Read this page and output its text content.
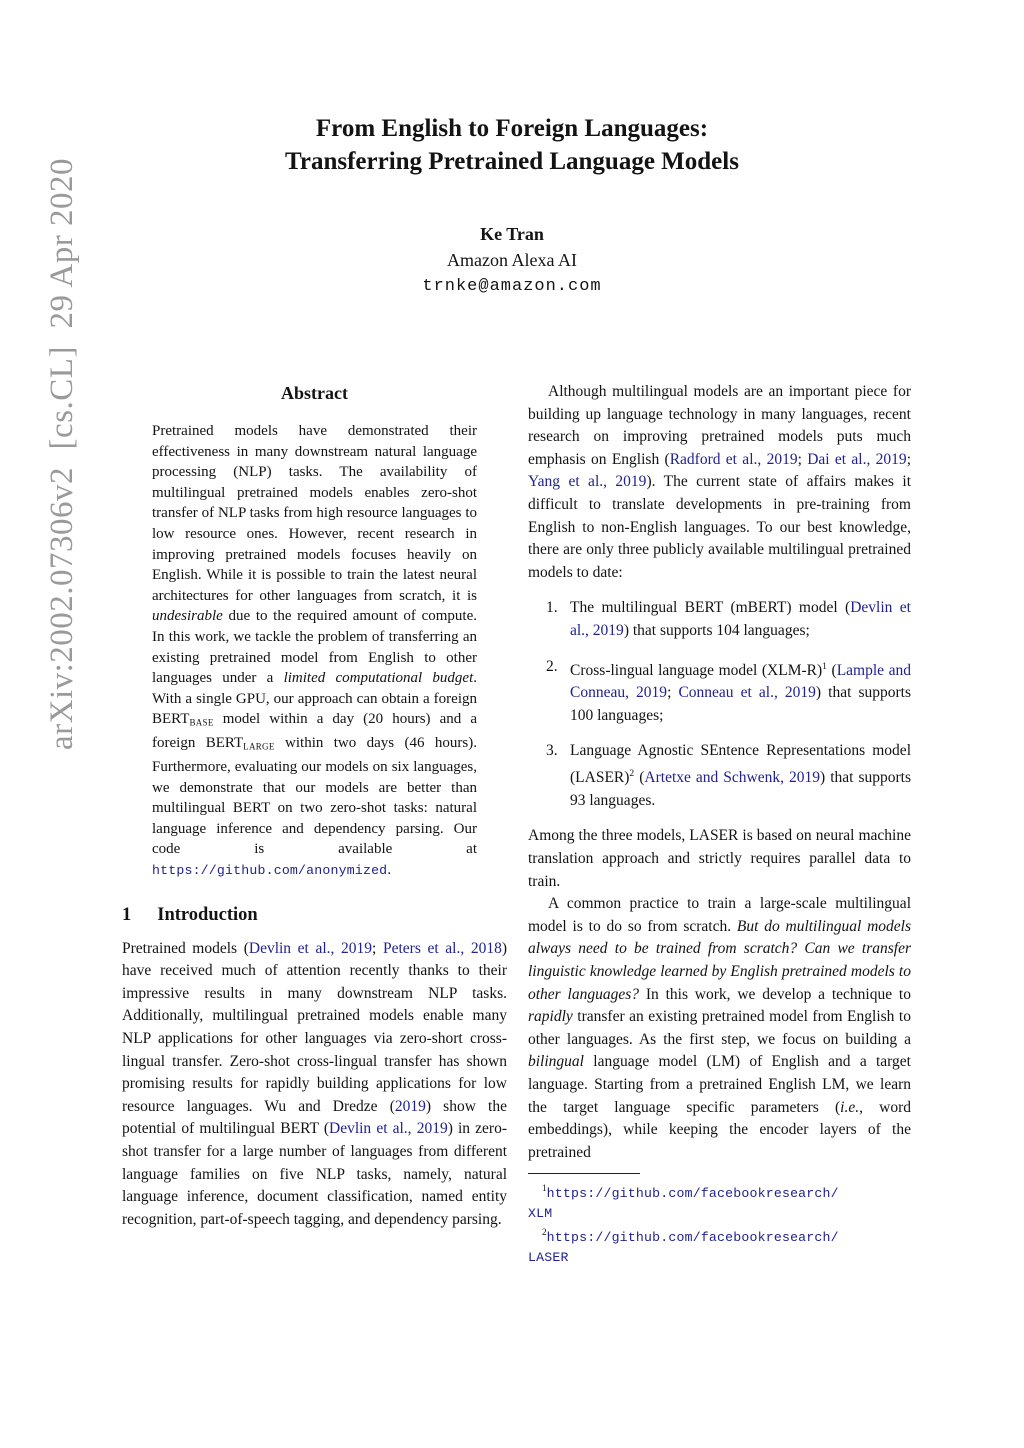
arXiv:2002.07306v2  [cs.CL]  29 Apr 2020
From English to Foreign Languages:
Transferring Pretrained Language Models
Ke Tran
Amazon Alexa AI
trnke@amazon.com
Abstract
Pretrained models have demonstrated their effectiveness in many downstream natural language processing (NLP) tasks. The availability of multilingual pretrained models enables zero-shot transfer of NLP tasks from high resource languages to low resource ones. However, recent research in improving pretrained models focuses heavily on English. While it is possible to train the latest neural architectures for other languages from scratch, it is undesirable due to the required amount of compute. In this work, we tackle the problem of transferring an existing pretrained model from English to other languages under a limited computational budget. With a single GPU, our approach can obtain a foreign BERTBASE model within a day (20 hours) and a foreign BERTLARGE within two days (46 hours). Furthermore, evaluating our models on six languages, we demonstrate that our models are better than multilingual BERT on two zero-shot tasks: natural language inference and dependency parsing. Our code is available at https://github.com/anonymized.
1 Introduction
Pretrained models (Devlin et al., 2019; Peters et al., 2018) have received much of attention recently thanks to their impressive results in many downstream NLP tasks. Additionally, multilingual pretrained models enable many NLP applications for other languages via zero-short cross-lingual transfer. Zero-shot cross-lingual transfer has shown promising results for rapidly building applications for low resource languages. Wu and Dredze (2019) show the potential of multilingual BERT (Devlin et al., 2019) in zero-shot transfer for a large number of languages from different language families on five NLP tasks, namely, natural language inference, document classification, named entity recognition, part-of-speech tagging, and dependency parsing.
Although multilingual models are an important piece for building up language technology in many languages, recent research on improving pretrained models puts much emphasis on English (Radford et al., 2019; Dai et al., 2019; Yang et al., 2019). The current state of affairs makes it difficult to translate developments in pre-training from English to non-English languages. To our best knowledge, there are only three publicly available multilingual pretrained models to date:
1. The multilingual BERT (mBERT) model (Devlin et al., 2019) that supports 104 languages;
2. Cross-lingual language model $(XLM-R)^1$ (Lample and Conneau, 2019; Conneau et al., 2019) that supports 100 languages;
3. Language Agnostic SEntence Representations model (LASER)$^2$ (Artetxe and Schwenk, 2019) that supports 93 languages.
Among the three models, LASER is based on neural machine translation approach and strictly requires parallel data to train.
A common practice to train a large-scale multilingual model is to do so from scratch. But do multilingual models always need to be trained from scratch? Can we transfer linguistic knowledge learned by English pretrained models to other languages? In this work, we develop a technique to rapidly transfer an existing pretrained model from English to other languages. As the first step, we focus on building a bilingual language model (LM) of English and a target language. Starting from a pretrained English LM, we learn the target language specific parameters (i.e., word embeddings), while keeping the encoder layers of the pretrained
$^1$https://github.com/facebookresearch/
XLM
$^2$https://github.com/facebookresearch/
LASER
